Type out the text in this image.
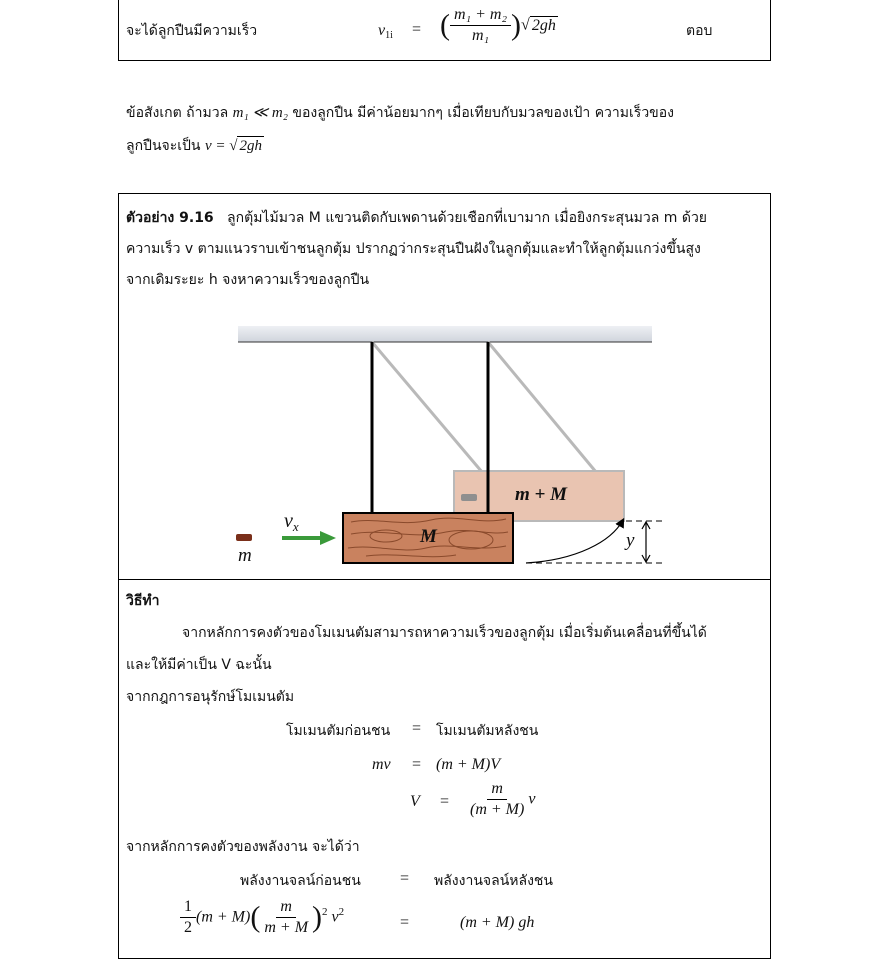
จะได้ลูกปืนมีความเร็ว	$v_{1i}$ = ( $\frac{\text{m₁ + m₂}}{\text{m₁}}$ )√ 2gh	ตอบ
ข้อสังเกต ถ้ามวล m₁ ≪ m₂ ของลูกปืน มีค่าน้อยมากๆ เมื่อเทียบกับมวลของเป้า ความเร็วของ
ลูกปืนจะเป็น v = √ 2gh
ตัวอย่าง 9.16 ลูกตุ้มไม้มวล M แขวนติดกับเพดานด้วยเชือกที่เบามาก เมื่อยิงกระสุนมวล m ด้วย
ความเร็ว v ตามแนวราบเข้าชนลูกตุ้ม ปรากฏว่ากระสุนปืนฝังในลูกตุ้มและทำให้ลูกตุ้มแกว่งขึ้นสูง
จากเดิมระยะ h จงหาความเร็วของลูกปืน
$v_x$
m
M
m + M
y
วิธีทำ
จากหลักการคงตัวของโมเมนตัมสามารถหาความเร็วของลูกตุ้ม เมื่อเริ่มต้นเคลื่อนที่ขึ้นได้
และให้มีค่าเป็น V ฉะนั้น
จากกฎการอนุรักษ์โมเมนตัม
โมเมนตัมก่อนชน = โมเมนตัมหลังชน
mv = (m + M)V
$V = \frac{m}{(m + M)}$ v
จากหลักการคงตัวของพลังงาน จะได้ว่า
พลังงานจลน์ก่อนชน = พลังงานจลน์หลังชน
$\frac{1}{2} (m + M)( \frac{m}{m + M} )^2$ $v^2$
=	(m + M) gh
